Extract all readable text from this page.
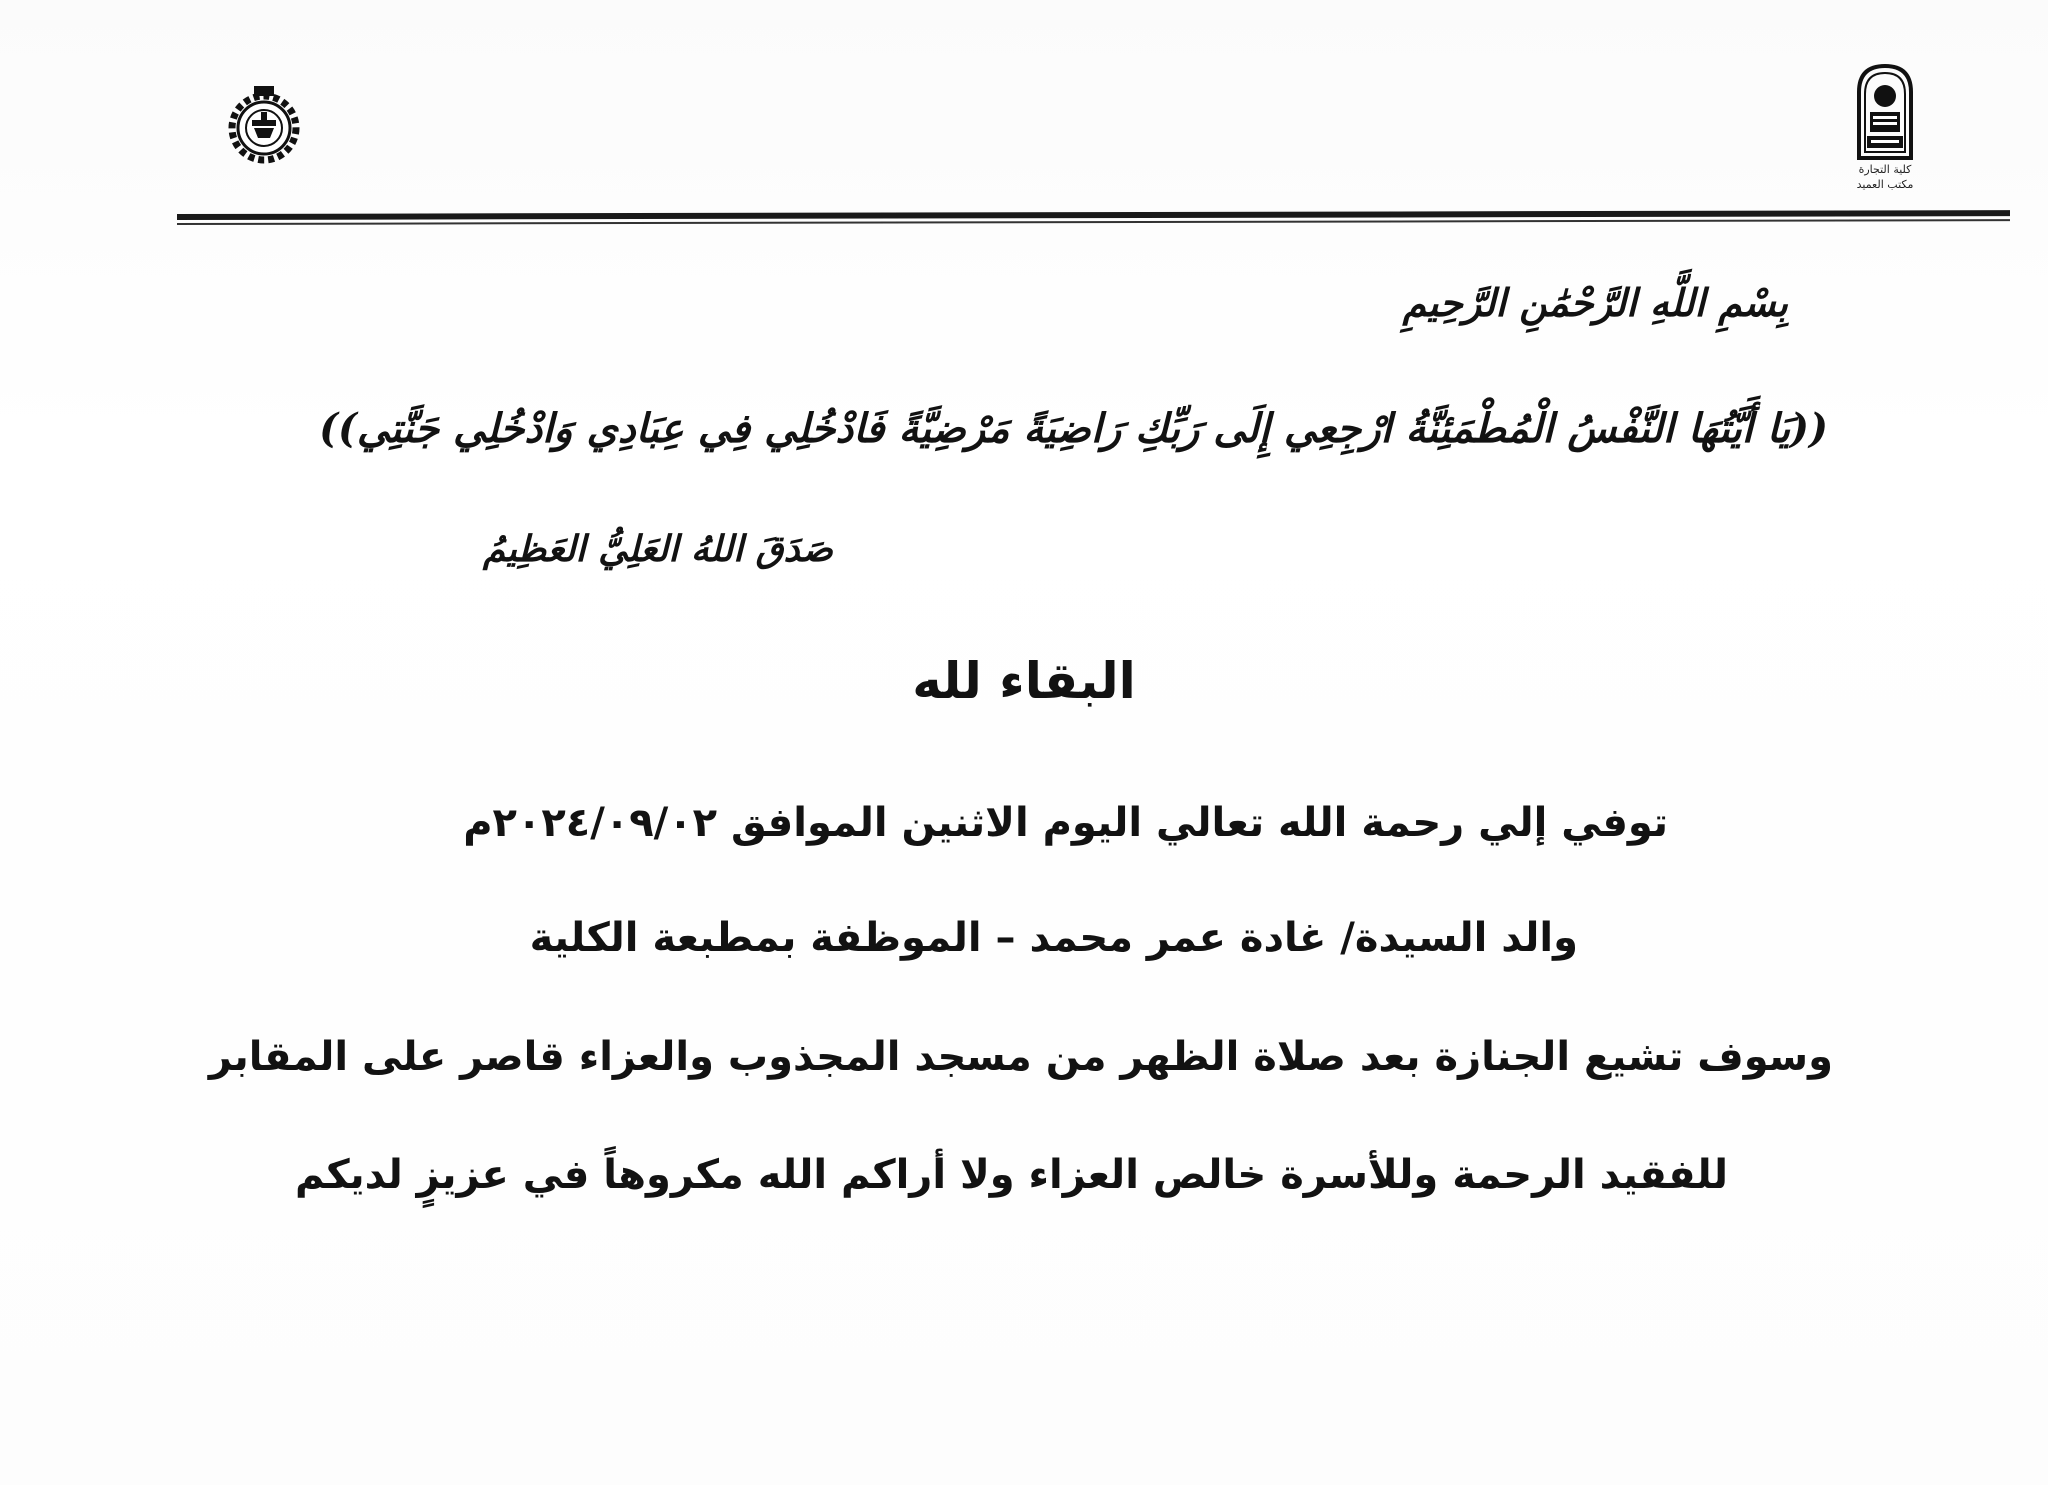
كلية التجارة
مكتب العميد
بِسْمِ اللَّهِ الرَّحْمَٰنِ الرَّحِيمِ
((يَا أَيَّتُهَا النَّفْسُ الْمُطْمَئِنَّةُ ارْجِعِي إِلَى رَبِّكِ رَاضِيَةً مَرْضِيَّةً فَادْخُلِي فِي عِبَادِي وَادْخُلِي جَنَّتِي))
صَدَقَ اللهُ العَلِيُّ العَظِيمُ
البقاء لله
توفي إلي رحمة الله تعالي اليوم الاثنين الموافق ٢٠٢٤/٠٩/٠٢م
والد السيدة/ غادة عمر محمد – الموظفة بمطبعة الكلية
وسوف تشيع الجنازة بعد صلاة الظهر من مسجد المجذوب والعزاء قاصر على المقابر
للفقيد الرحمة وللأسرة خالص العزاء ولا أراكم الله مكروهاً في عزيزٍ لديكم
